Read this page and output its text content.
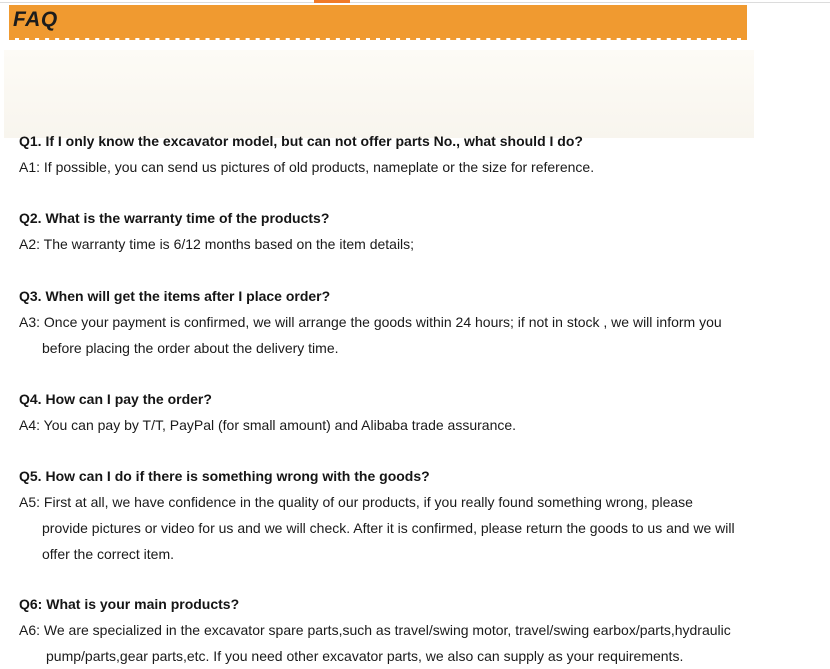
FAQ
Q1. If I only know the excavator model, but can not offer parts No., what should I do?
A1: If possible, you can send us pictures of old products, nameplate or the size for reference.
Q2. What is the warranty time of the products?
A2: The warranty time is 6/12 months based on the item details;
Q3. When will get the items after I place order?
A3: Once your payment is confirmed, we will arrange the goods within 24 hours; if not in stock , we will inform you
before placing the order about the delivery time.
Q4. How can I pay the order?
A4: You can pay by T/T, PayPal (for small amount) and Alibaba trade assurance.
Q5. How can I do if there is something wrong with the goods?
A5: First at all, we have confidence in the quality of our products, if you really found something wrong, please
provide pictures or video for us and we will check. After it is confirmed, please return the goods to us and we will
offer the correct item.
Q6: What is your main products?
A6: We are specialized in the excavator spare parts,such as travel/swing motor, travel/swing earbox/parts,hydraulic
pump/parts,gear parts,etc. If you need other excavator parts, we also can supply as your requirements.
